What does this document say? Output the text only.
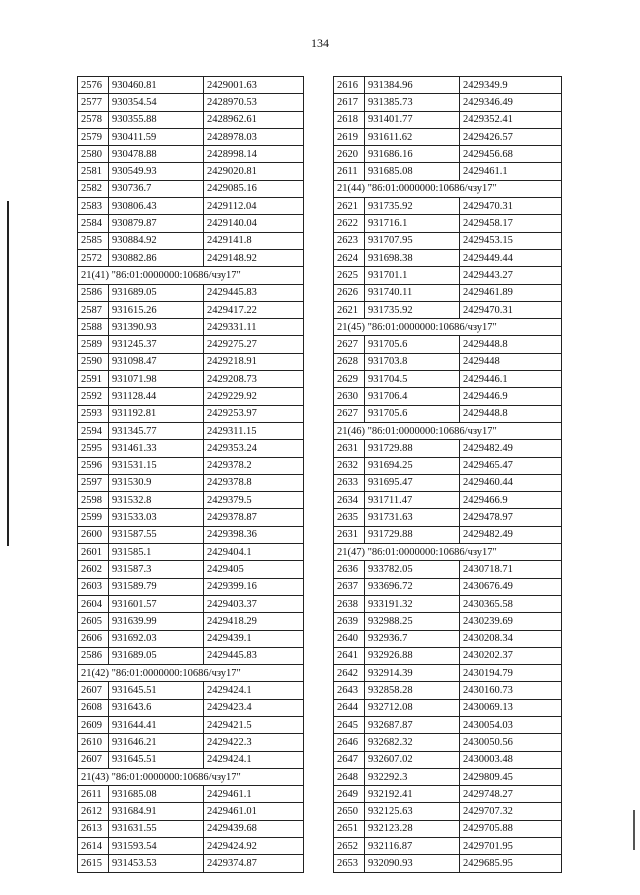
134
2576	930460.81	2429001.63
2577	930354.54	2428970.53
2578	930355.88	2428962.61
2579	930411.59	2428978.03
2580	930478.88	2428998.14
2581	930549.93	2429020.81
2582	930736.7	2429085.16
2583	930806.43	2429112.04
2584	930879.87	2429140.04
2585	930884.92	2429141.8
2572	930882.86	2429148.92
21(41) "86:01:0000000:10686/чзу17"		
2586	931689.05	2429445.83
2587	931615.26	2429417.22
2588	931390.93	2429331.11
2589	931245.37	2429275.27
2590	931098.47	2429218.91
2591	931071.98	2429208.73
2592	931128.44	2429229.92
2593	931192.81	2429253.97
2594	931345.77	2429311.15
2595	931461.33	2429353.24
2596	931531.15	2429378.2
2597	931530.9	2429378.8
2598	931532.8	2429379.5
2599	931533.03	2429378.87
2600	931587.55	2429398.36
2601	931585.1	2429404.1
2602	931587.3	2429405
2603	931589.79	2429399.16
2604	931601.57	2429403.37
2605	931639.99	2429418.29
2606	931692.03	2429439.1
2586	931689.05	2429445.83
21(42) "86:01:0000000:10686/чзу17"		
2607	931645.51	2429424.1
2608	931643.6	2429423.4
2609	931644.41	2429421.5
2610	931646.21	2429422.3
2607	931645.51	2429424.1
21(43) "86:01:0000000:10686/чзу17"		
2611	931685.08	2429461.1
2612	931684.91	2429461.01
2613	931631.55	2429439.68
2614	931593.54	2429424.92
2615	931453.53	2429374.87
2616	931384.96	2429349.9
2617	931385.73	2429346.49
2618	931401.77	2429352.41
2619	931611.62	2429426.57
2620	931686.16	2429456.68
2611	931685.08	2429461.1
21(44) "86:01:0000000:10686/чзу17"		
2621	931735.92	2429470.31
2622	931716.1	2429458.17
2623	931707.95	2429453.15
2624	931698.38	2429449.44
2625	931701.1	2429443.27
2626	931740.11	2429461.89
2621	931735.92	2429470.31
21(45) "86:01:0000000:10686/чзу17"		
2627	931705.6	2429448.8
2628	931703.8	2429448
2629	931704.5	2429446.1
2630	931706.4	2429446.9
2627	931705.6	2429448.8
21(46) "86:01:0000000:10686/чзу17"		
2631	931729.88	2429482.49
2632	931694.25	2429465.47
2633	931695.47	2429460.44
2634	931711.47	2429466.9
2635	931731.63	2429478.97
2631	931729.88	2429482.49
21(47) "86:01:0000000:10686/чзу17"		
2636	933782.05	2430718.71
2637	933696.72	2430676.49
2638	933191.32	2430365.58
2639	932988.25	2430239.69
2640	932936.7	2430208.34
2641	932926.88	2430202.37
2642	932914.39	2430194.79
2643	932858.28	2430160.73
2644	932712.08	2430069.13
2645	932687.87	2430054.03
2646	932682.32	2430050.56
2647	932607.02	2430003.48
2648	932292.3	2429809.45
2649	932192.41	2429748.27
2650	932125.63	2429707.32
2651	932123.28	2429705.88
2652	932116.87	2429701.95
2653	932090.93	2429685.95
